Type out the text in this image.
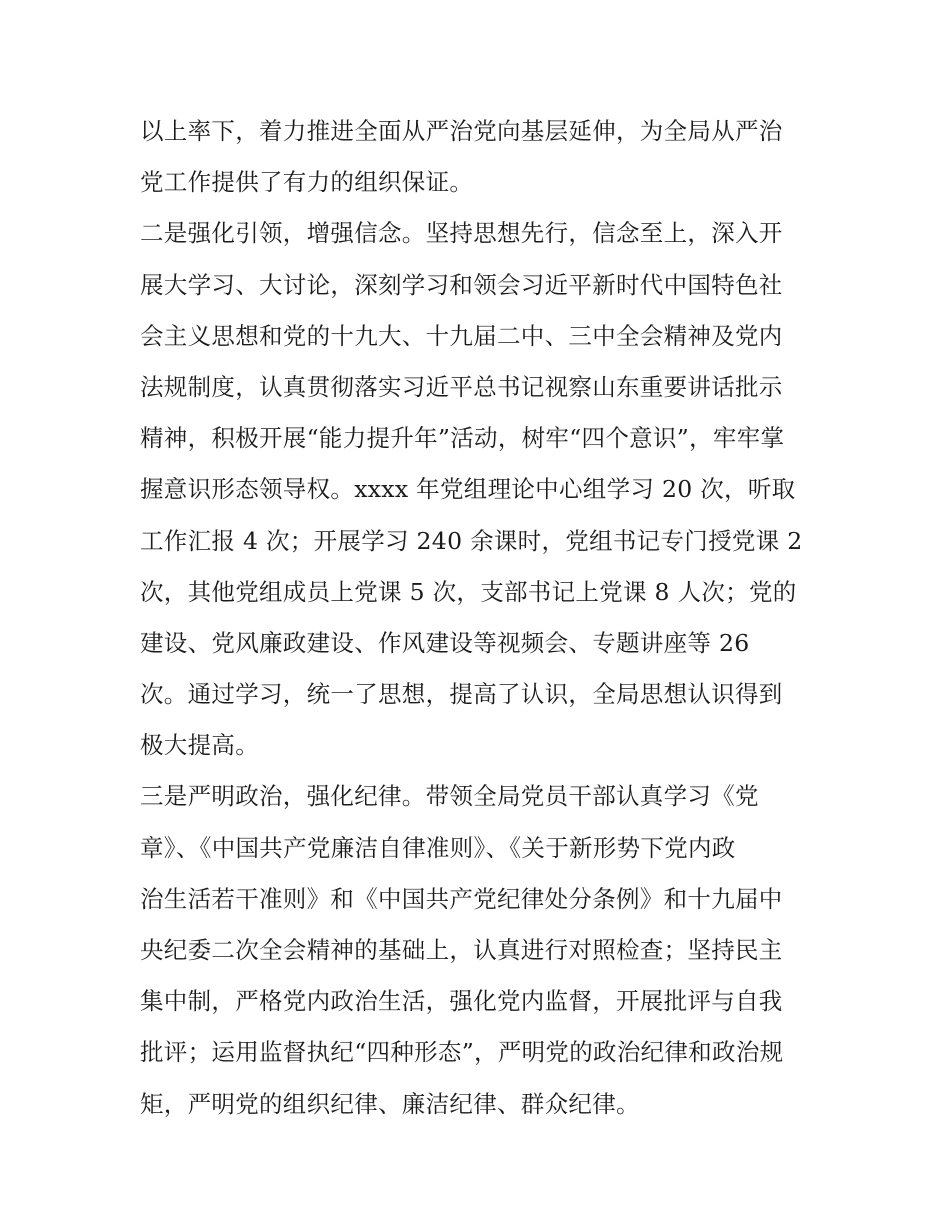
以上率下，着力推进全面从严治党向基层延伸，为全局从严治
党工作提供了有力的组织保证。
二是强化引领，增强信念。坚持思想先行，信念至上，深入开
展大学习、大讨论，深刻学习和领会习近平新时代中国特色社
会主义思想和党的十九大、十九届二中、三中全会精神及党内
法规制度，认真贯彻落实习近平总书记视察山东重要讲话批示
精神，积极开展“能力提升年”活动，树牢“四个意识”，牢牢掌
握意识形态领导权。xxxx 年党组理论中心组学习 20 次，听取
工作汇报 4 次；开展学习 240 余课时，党组书记专门授党课 2
次，其他党组成员上党课 5 次，支部书记上党课 8 人次；党的
建设、党风廉政建设、作风建设等视频会、专题讲座等 26
次。通过学习，统一了思想，提高了认识，全局思想认识得到
极大提高。
三是严明政治，强化纪律。带领全局党员干部认真学习《党
章》、《中国共产党廉洁自律准则》、《关于新形势下党内政
治生活若干准则》和《中国共产党纪律处分条例》和十九届中
央纪委二次全会精神的基础上，认真进行对照检查；坚持民主
集中制，严格党内政治生活，强化党内监督，开展批评与自我
批评；运用监督执纪“四种形态”，严明党的政治纪律和政治规
矩，严明党的组织纪律、廉洁纪律、群众纪律。
